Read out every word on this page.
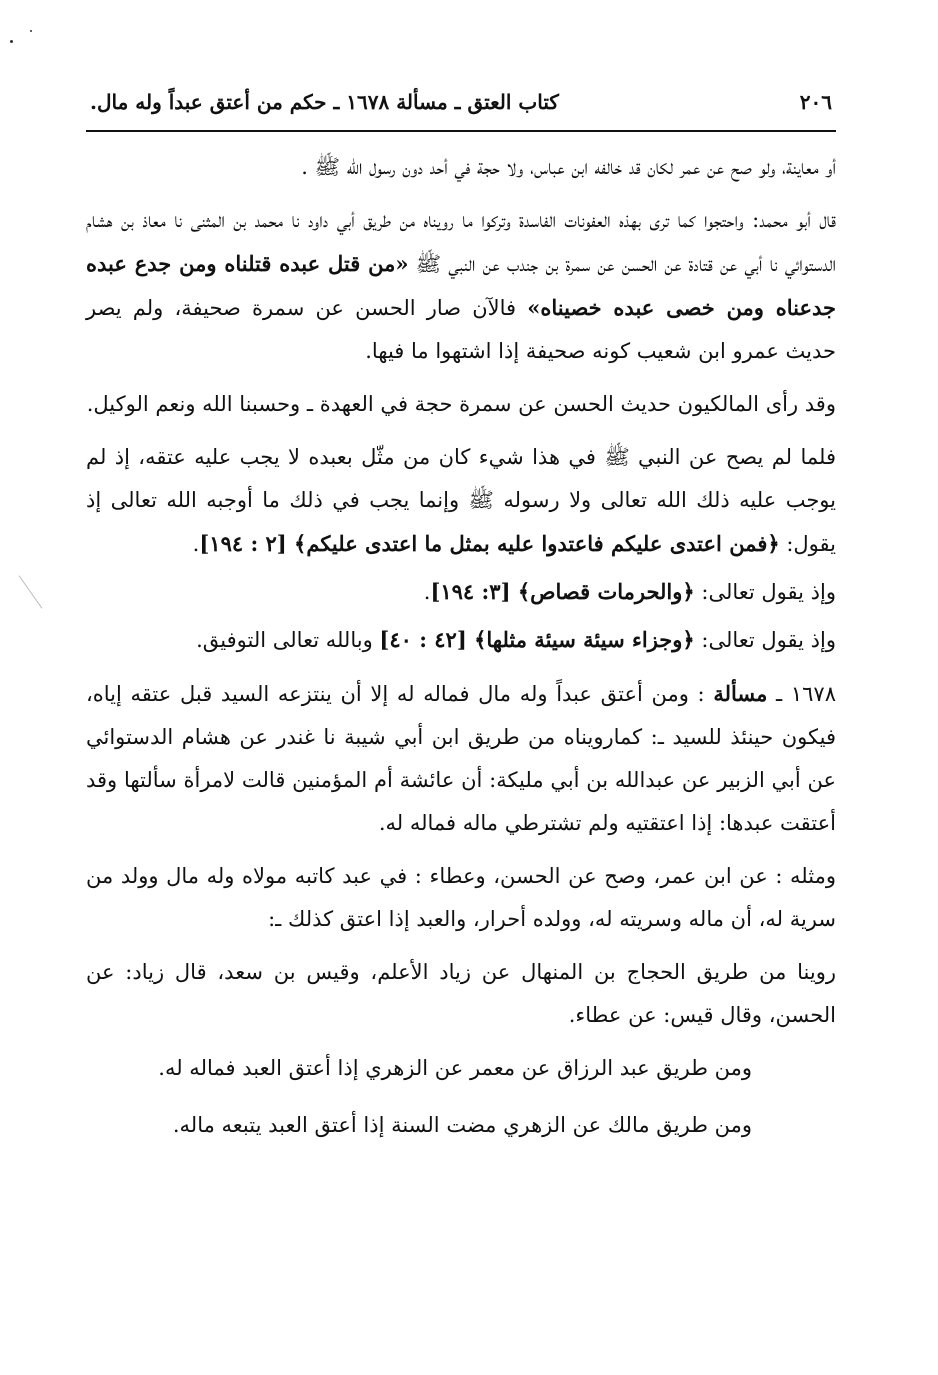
٢٠٦
كتاب العتق ـ مسألة ١٦٧٨ ـ حكم من أعتق عبداً وله مال.

أو معاينة، ولو صح عن عمر لكان قد خالفه ابن عباس، ولا حجة في أحد دون رسول الله ﷺ .

قال أبو محمد: واحتجوا كما ترى بهذه العفونات الفاسدة وتركوا ما رويناه من طريق أبي داود نا محمد بن المثنى نا معاذ بن هشام الدستوائي نا أبي عن قتادة عن الحسن عن سمرة بن جندب عن النبي ﷺ «من قتل عبده قتلناه ومن جدع عبده جدعناه ومن خصى عبده خصيناه» فالآن صار الحسن عن سمرة صحيفة، ولم يصر حديث عمرو ابن شعيب كونه صحيفة إذا اشتهوا ما فيها.

وقد رأى المالكيون حديث الحسن عن سمرة حجة في العهدة ـ وحسبنا الله ونعم الوكيل.

فلما لم يصح عن النبي ﷺ في هذا شيء كان من مثّل بعبده لا يجب عليه عتقه، إذ لم يوجب عليه ذلك الله تعالى ولا رسوله ﷺ وإنما يجب في ذلك ما أوجبه الله تعالى إذ يقول: ﴿فمن اعتدى عليكم فاعتدوا عليه بمثل ما اعتدى عليكم﴾ [٢ : ١٩٤].

وإذ يقول تعالى: ﴿والحرمات قصاص﴾ [٣: ١٩٤].

وإذ يقول تعالى: ﴿وجزاء سيئة سيئة مثلها﴾ [٤٢ : ٤٠] وبالله تعالى التوفيق.

١٦٧٨ ـ مسألة : ومن أعتق عبداً وله مال فماله له إلا أن ينتزعه السيد قبل عتقه إياه، فيكون حينئذ للسيد ـ: كمارويناه من طريق ابن أبي شيبة نا غندر عن هشام الدستوائي عن أبي الزبير عن عبدالله بن أبي مليكة: أن عائشة أم المؤمنين قالت لامرأة سألتها وقد أعتقت عبدها: إذا اعتقتيه ولم تشترطي ماله فماله له.

ومثله : عن ابن عمر، وصح عن الحسن، وعطاء : في عبد كاتبه مولاه وله مال وولد من سرية له، أن ماله وسريته له، وولده أحرار، والعبد إذا اعتق كذلك ـ:

روينا من طريق الحجاج بن المنهال عن زياد الأعلم، وقيس بن سعد، قال زياد: عن الحسن، وقال قيس: عن عطاء.

ومن طريق عبد الرزاق عن معمر عن الزهري إذا أعتق العبد فماله له.

ومن طريق مالك عن الزهري مضت السنة إذا أعتق العبد يتبعه ماله.
